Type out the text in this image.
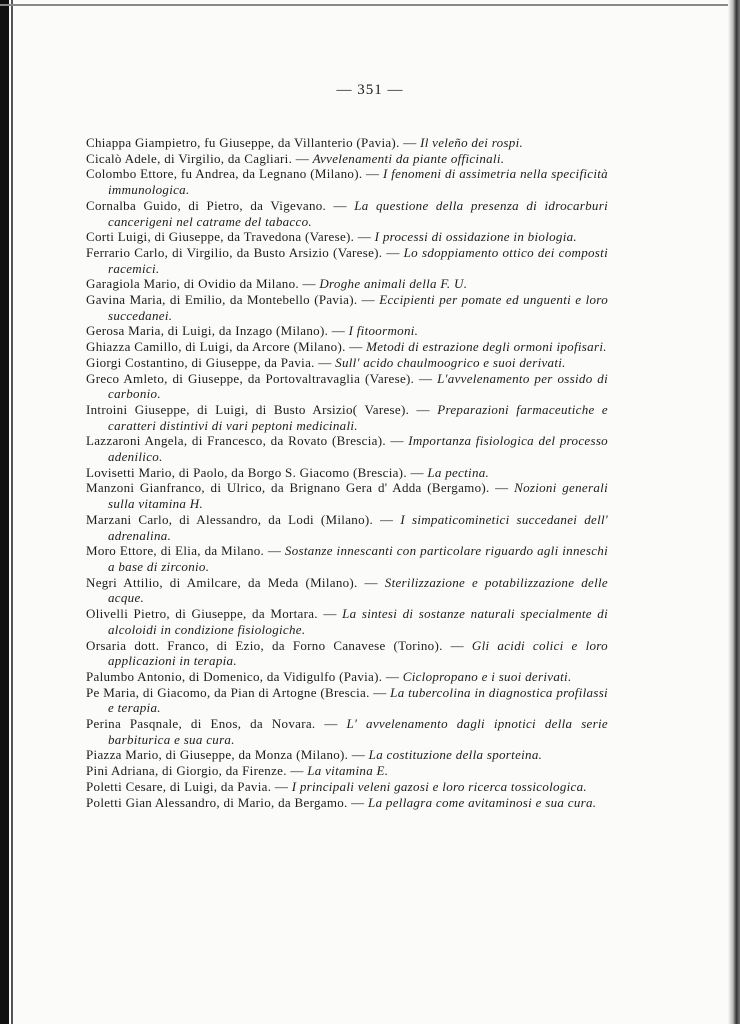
— 351 —

Chiappa Giampietro, fu Giuseppe, da Villanterio (Pavia). — Il veleño dei rospi.

Cicalò Adele, di Virgilio, da Cagliari. — Avvelenamenti da piante officinali.

Colombo Ettore, fu Andrea, da Legnano (Milano). — I fenomeni di assimetria nella specificità immunologica.

Cornalba Guido, di Pietro, da Vigevano. — La questione della presenza di idrocarburi cancerigeni nel catrame del tabacco.

Corti Luigi, di Giuseppe, da Travedona (Varese). — I processi di ossidazione in biologia.

Ferrario Carlo, di Virgilio, da Busto Arsizio (Varese). — Lo sdoppiamento ottico dei composti racemici.

Garagiola Mario, di Ovidio da Milano. — Droghe animali della F. U.

Gavina Maria, di Emilio, da Montebello (Pavia). — Eccipienti per pomate ed unguenti e loro succedanei.

Gerosa Maria, di Luigi, da Inzago (Milano). — I fitoormoni.

Ghiazza Camillo, di Luigi, da Arcore (Milano). — Metodi di estrazione degli ormoni ipofisari.

Giorgi Costantino, di Giuseppe, da Pavia. — Sull' acido chaulmoogrico e suoi derivati.

Greco Amleto, di Giuseppe, da Portovaltravaglia (Varese). — L'avvelenamento per ossido di carbonio.

Introini Giuseppe, di Luigi, di Busto Arsizio( Varese). — Preparazioni farmaceutiche e caratteri distintivi di vari peptoni medicinali.

Lazzaroni Angela, di Francesco, da Rovato (Brescia). — Importanza fisiologica del processo adenilico.

Lovisetti Mario, di Paolo, da Borgo S. Giacomo (Brescia). — La pectina.

Manzoni Gianfranco, di Ulrico, da Brignano Gera d' Adda (Bergamo). — Nozioni generali sulla vitamina H.

Marzani Carlo, di Alessandro, da Lodi (Milano). — I simpaticominetici succedanei dell' adrenalina.

Moro Ettore, di Elia, da Milano. — Sostanze innescanti con particolare riguardo agli inneschi a base di zirconio.

Negri Attilio, di Amilcare, da Meda (Milano). — Sterilizzazione e potabilizzazione delle acque.

Olivelli Pietro, di Giuseppe, da Mortara. — La sintesi di sostanze naturali specialmente di alcoloidi in condizione fisiologiche.

Orsaria dott. Franco, di Ezio, da Forno Canavese (Torino). — Gli acidi colici e loro applicazioni in terapia.

Palumbo Antonio, di Domenico, da Vidigulfo (Pavia). — Ciclopropano e i suoi derivati.

Pe Maria, di Giacomo, da Pian di Artogne (Brescia. — La tubercolina in diagnostica profilassi e terapia.

Perina Pasqnale, di Enos, da Novara. — L' avvelenamento dagli ipnotici della serie barbiturica e sua cura.

Piazza Mario, di Giuseppe, da Monza (Milano). — La costituzione della sporteina.

Pini Adriana, di Giorgio, da Firenze. — La vitamina E.

Poletti Cesare, di Luigi, da Pavia. — I principali veleni gazosi e loro ricerca tossicologica.

Poletti Gian Alessandro, di Mario, da Bergamo. — La pellagra come avitaminosi e sua cura.
